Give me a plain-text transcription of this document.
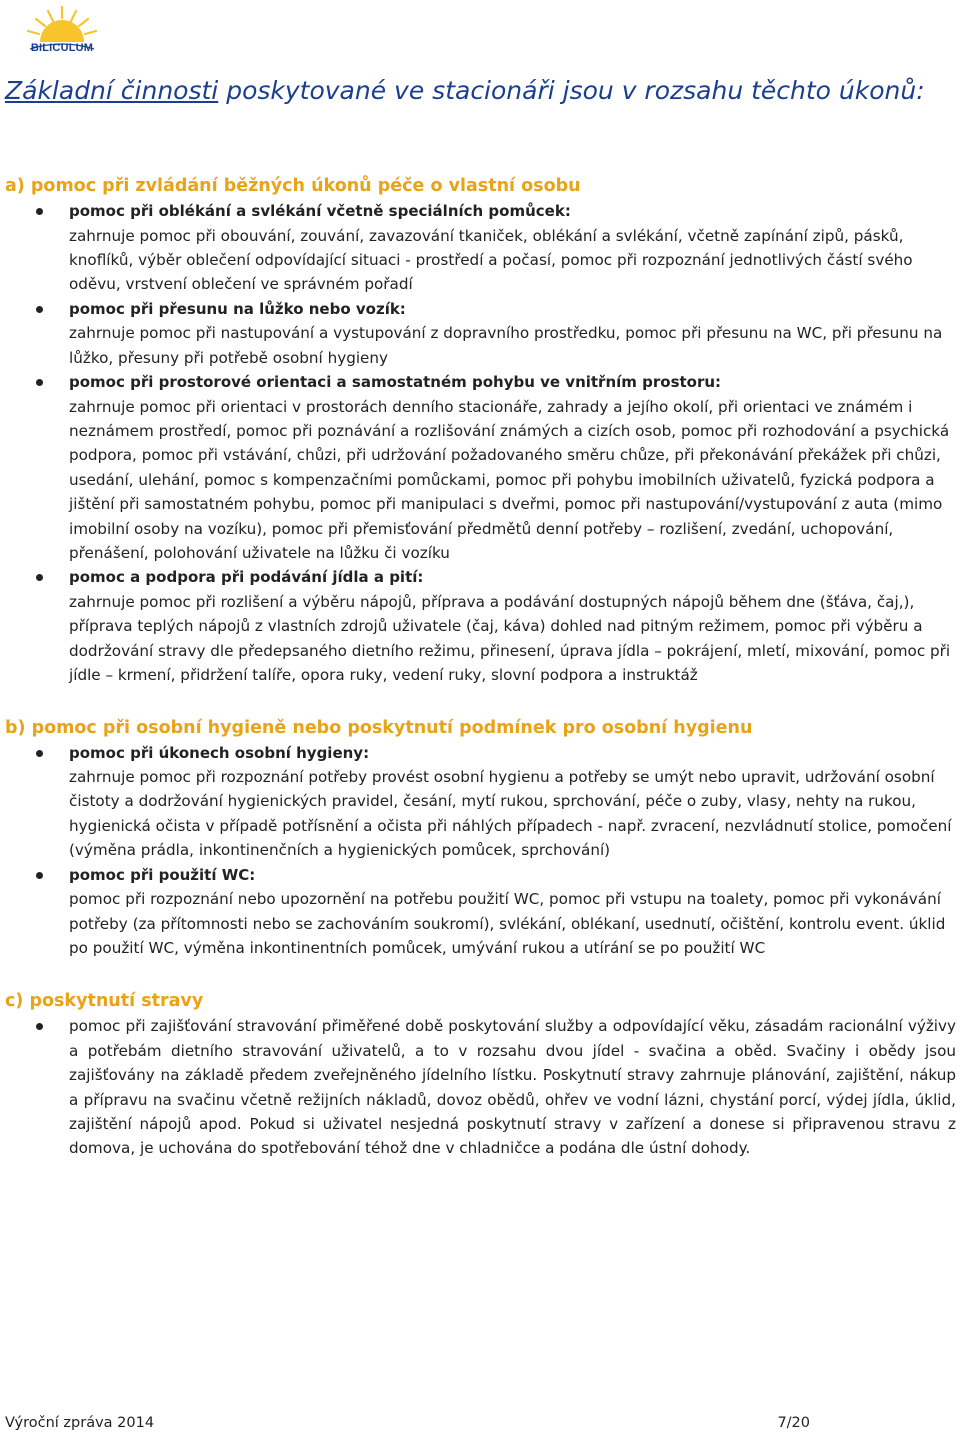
BILICULUM
Základní činnosti poskytované ve stacionáři jsou v rozsahu těchto úkonů:
a) pomoc při zvládání běžných úkonů péče o vlastní osobu
pomoc při oblékání a svlékání včetně speciálních pomůcek:
zahrnuje pomoc při obouvání, zouvání, zavazování tkaniček, oblékání a svlékání, včetně zapínání zipů, pásků, knoflíků, výběr oblečení odpovídající situaci - prostředí a počasí, pomoc při rozpoznání jednotlivých částí svého oděvu, vrstvení oblečení ve správném pořadí
pomoc při přesunu na lůžko nebo vozík:
zahrnuje pomoc při nastupování a vystupování z dopravního prostředku, pomoc při přesunu na WC, při přesunu na lůžko, přesuny při potřebě osobní hygieny
pomoc při prostorové orientaci a samostatném pohybu ve vnitřním prostoru:
zahrnuje pomoc při orientaci v prostorách denního stacionáře, zahrady a jejího okolí, při orientaci ve známém i neznámem prostředí, pomoc při poznávání a rozlišování známých a cizích osob, pomoc při rozhodování a psychická podpora, pomoc při vstávání, chůzi, při udržování požadovaného směru chůze, při překonávání překážek při chůzi, usedání, ulehání, pomoc s kompenzačními pomůckami, pomoc při pohybu imobilních uživatelů, fyzická podpora a jištění při samostatném pohybu, pomoc při manipulaci s dveřmi, pomoc při nastupování/vystupování z auta (mimo imobilní osoby na vozíku), pomoc při přemisťování předmětů denní potřeby – rozlišení, zvedání, uchopování, přenášení, polohování uživatele na lůžku či vozíku
pomoc a podpora při podávání jídla a pití:
zahrnuje pomoc při rozlišení a výběru nápojů, příprava a podávání dostupných nápojů během dne (šťáva, čaj,), příprava teplých nápojů z vlastních zdrojů uživatele (čaj, káva) dohled nad pitným režimem, pomoc při výběru a dodržování stravy dle předepsaného dietního režimu, přinesení, úprava jídla – pokrájení, mletí, mixování, pomoc při jídle – krmení, přidržení talíře, opora ruky, vedení ruky, slovní podpora a instruktáž
b) pomoc při osobní hygieně nebo poskytnutí podmínek pro osobní hygienu
pomoc při úkonech osobní hygieny:
zahrnuje pomoc při rozpoznání potřeby provést osobní hygienu a potřeby se umýt nebo upravit, udržování osobní čistoty a dodržování hygienických pravidel, česání, mytí rukou, sprchování, péče o zuby, vlasy, nehty na rukou, hygienická očista v případě potřísnění a očista při náhlých případech - např. zvracení, nezvládnutí stolice, pomočení (výměna prádla, inkontinenčních a hygienických pomůcek, sprchování)
pomoc při použití WC:
pomoc při rozpoznání nebo upozornění na potřebu použití WC, pomoc při vstupu na toalety, pomoc při vykonávání potřeby (za přítomnosti nebo se zachováním soukromí), svlékání, oblékaní, usednutí, očištění, kontrolu event. úklid po použití WC, výměna inkontinentních pomůcek, umývání rukou a utírání se po použití WC
c) poskytnutí stravy
pomoc při zajišťování stravování přiměřené době poskytování služby a odpovídající věku, zásadám racionální výživy a potřebám dietního stravování uživatelů, a to v rozsahu dvou jídel - svačina a oběd. Svačiny i obědy jsou zajišťovány na základě předem zveřejněného jídelního lístku. Poskytnutí stravy zahrnuje plánování, zajištění, nákup a přípravu na svačinu včetně režijních nákladů, dovoz obědů, ohřev ve vodní lázni, chystání porcí, výdej jídla, úklid, zajištění nápojů apod. Pokud si uživatel nesjedná poskytnutí stravy v zařízení a donese si připravenou stravu z domova, je uchována do spotřebování téhož dne v chladničce a podána dle ústní dohody.
Výroční zpráva 2014	7/20
